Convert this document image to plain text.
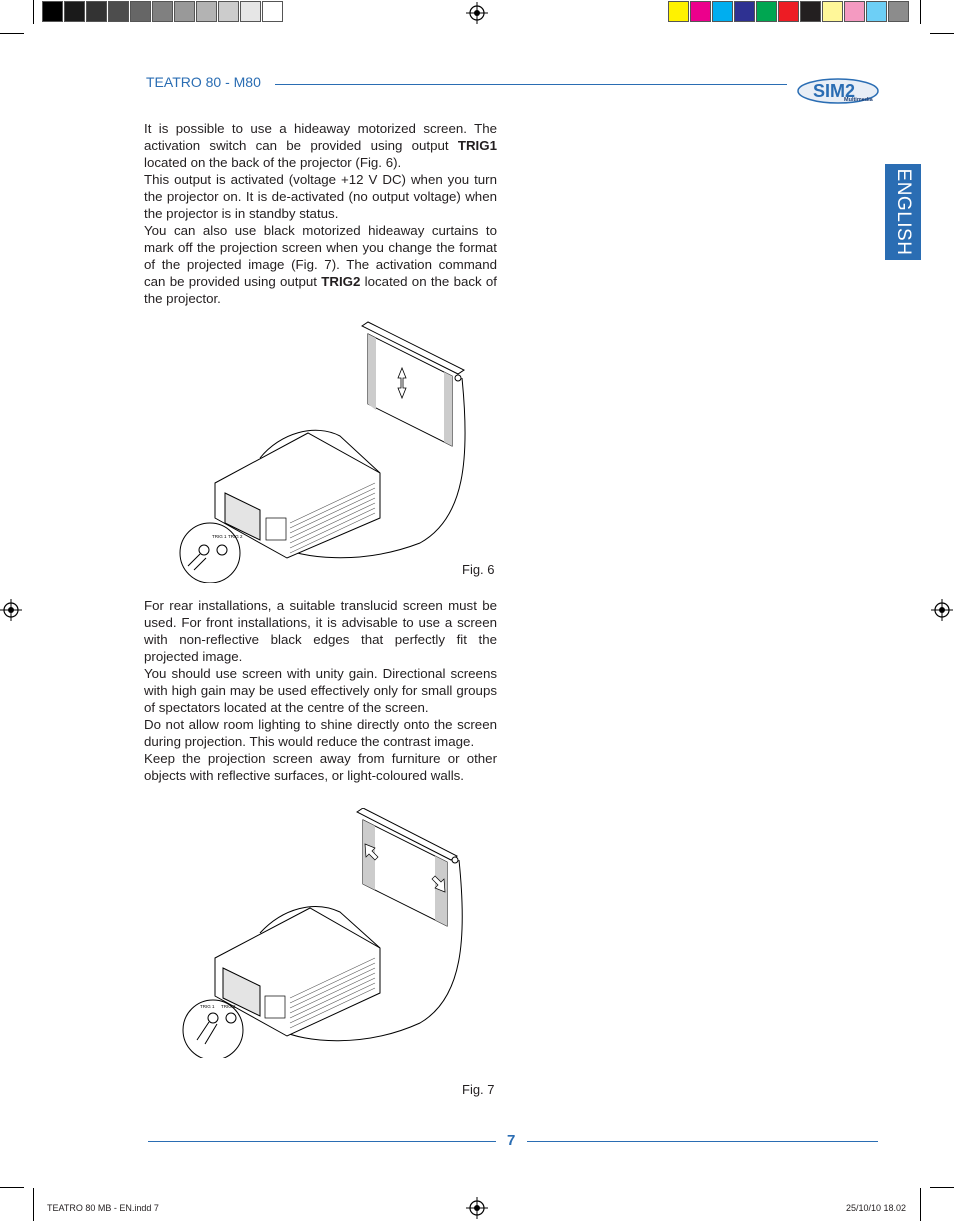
TEATRO 80 - M80	SIM2
Multimedia
ENGLISH

It is possible to use a hideaway motorized screen. The activation switch can be provided using output TRIG1 located on the back of the projector (Fig. 6).

This output is activated (voltage +12 V DC) when you turn the projector on. It is de-activated (no output voltage) when the projector is in standby status.

You can also use black motorized hideaway curtains to mark off the projection screen when you change the format of the projected image (Fig. 7). The activation command can be provided using output TRIG2 located on the back of the projector.

TRIG 1 TRIG 2
Fig. 6

For rear installations, a suitable translucid screen must be used. For front installations, it is advisable to use a screen with non-reflective black edges that perfectly fit the projected image.

You should use screen with unity gain. Directional screens with high gain may be used effectively only for small groups of spectators located at the centre of the screen.

Do not allow room lighting to shine directly onto the screen during projection. This would reduce the contrast image.

Keep the projection screen away from furniture or other objects with reflective surfaces, or light-coloured walls.

TRIG 1 TRIG 2
Fig. 7
7
TEATRO 80 MB - EN.indd 7	25/10/10 18.02
